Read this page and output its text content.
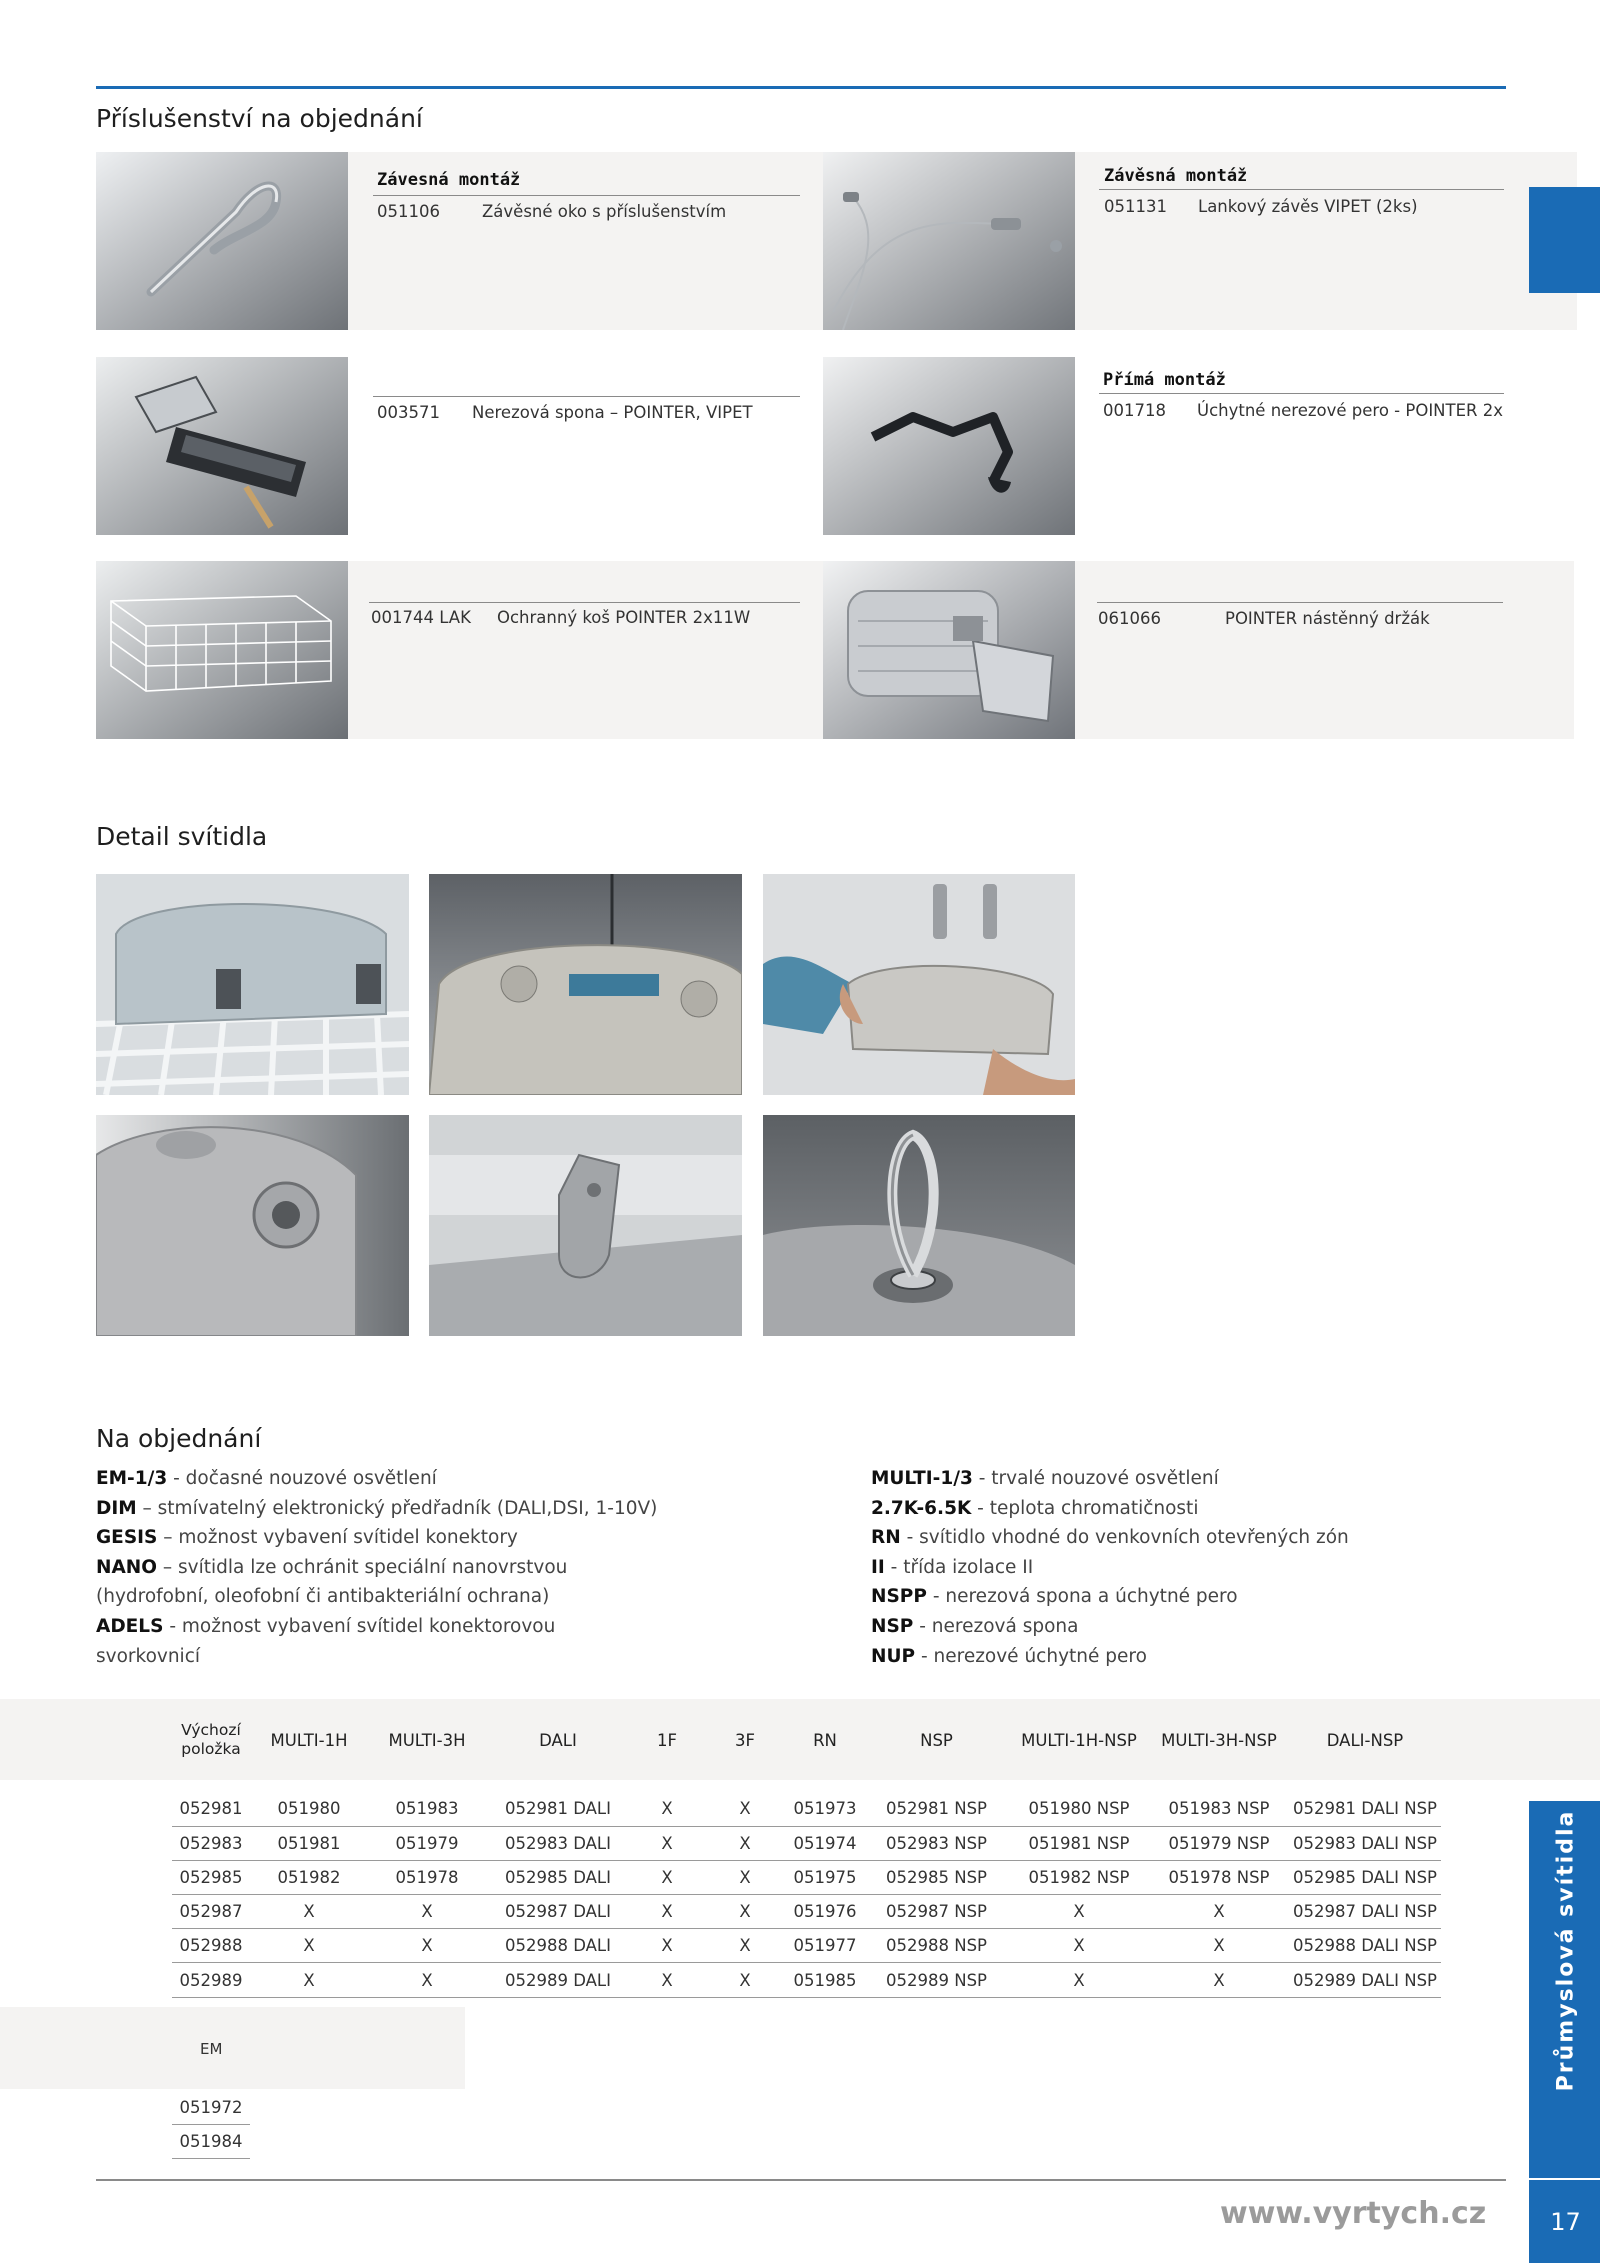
Příslušenství na objednání
Závesná montáž
051106	Závěsné oko s příslušenstvím
Závěsná montáž
051131 Lankový závěs VIPET (2ks)
003571 Nerezová spona – POINTER, VIPET
Přímá montáž
001718 Úchytné nerezové pero - POINTER 2x
001744 LAK Ochranný koš POINTER 2x11W	061066	POINTER nástěnný držák
Detail svítidla
Na objednání
EM-1/3 - dočasné nouzové osvětlení
DIM – stmívatelný elektronický předřadník (DALI,DSI, 1-10V)
GESIS – možnost vybavení svítidel konektory
NANO – svítidla lze ochránit speciální nanovrstvou
(hydrofobní, oleofobní či antibakteriální ochrana)
ADELS - možnost vybavení svítidel konektorovou
svorkovnicí
MULTI-1/3 - trvalé nouzové osvětlení
2.7K-6.5K - teplota chromatičnosti
RN - svítidlo vhodné do venkovních otevřených zón
II - třída izolace II
NSPP - nerezová spona a úchytné pero
NSP - nerezová spona
NUP - nerezové úchytné pero
Výchozí
položka	MULTI-1H	MULTI-3H	DALI	1F	3F	RN	NSP	MULTI-1H-NSP	MULTI-3H-NSP	DALI-NSP

052981	051980	051983	052981 DALI	X	X	051973	052981 NSP	051980 NSP	051983 NSP	052981 DALI NSP
052983	051981	051979	052983 DALI	X	X	051974	052983 NSP	051981 NSP	051979 NSP	052983 DALI NSP
052985	051982	051978	052985 DALI	X	X	051975	052985 NSP	051982 NSP	051978 NSP	052985 DALI NSP
052987	X	X	052987 DALI	X	X	051976	052987 NSP	X	X	052987 DALI NSP
052988	X	X	052988 DALI	X	X	051977	052988 NSP	X	X	052988 DALI NSP
052989	X	X	052989 DALI	X	X	051985	052989 NSP	X	X	052989 DALI NSP
EM
051972
051984
Průmyslová svítidla
www.vyrtych.cz	17
